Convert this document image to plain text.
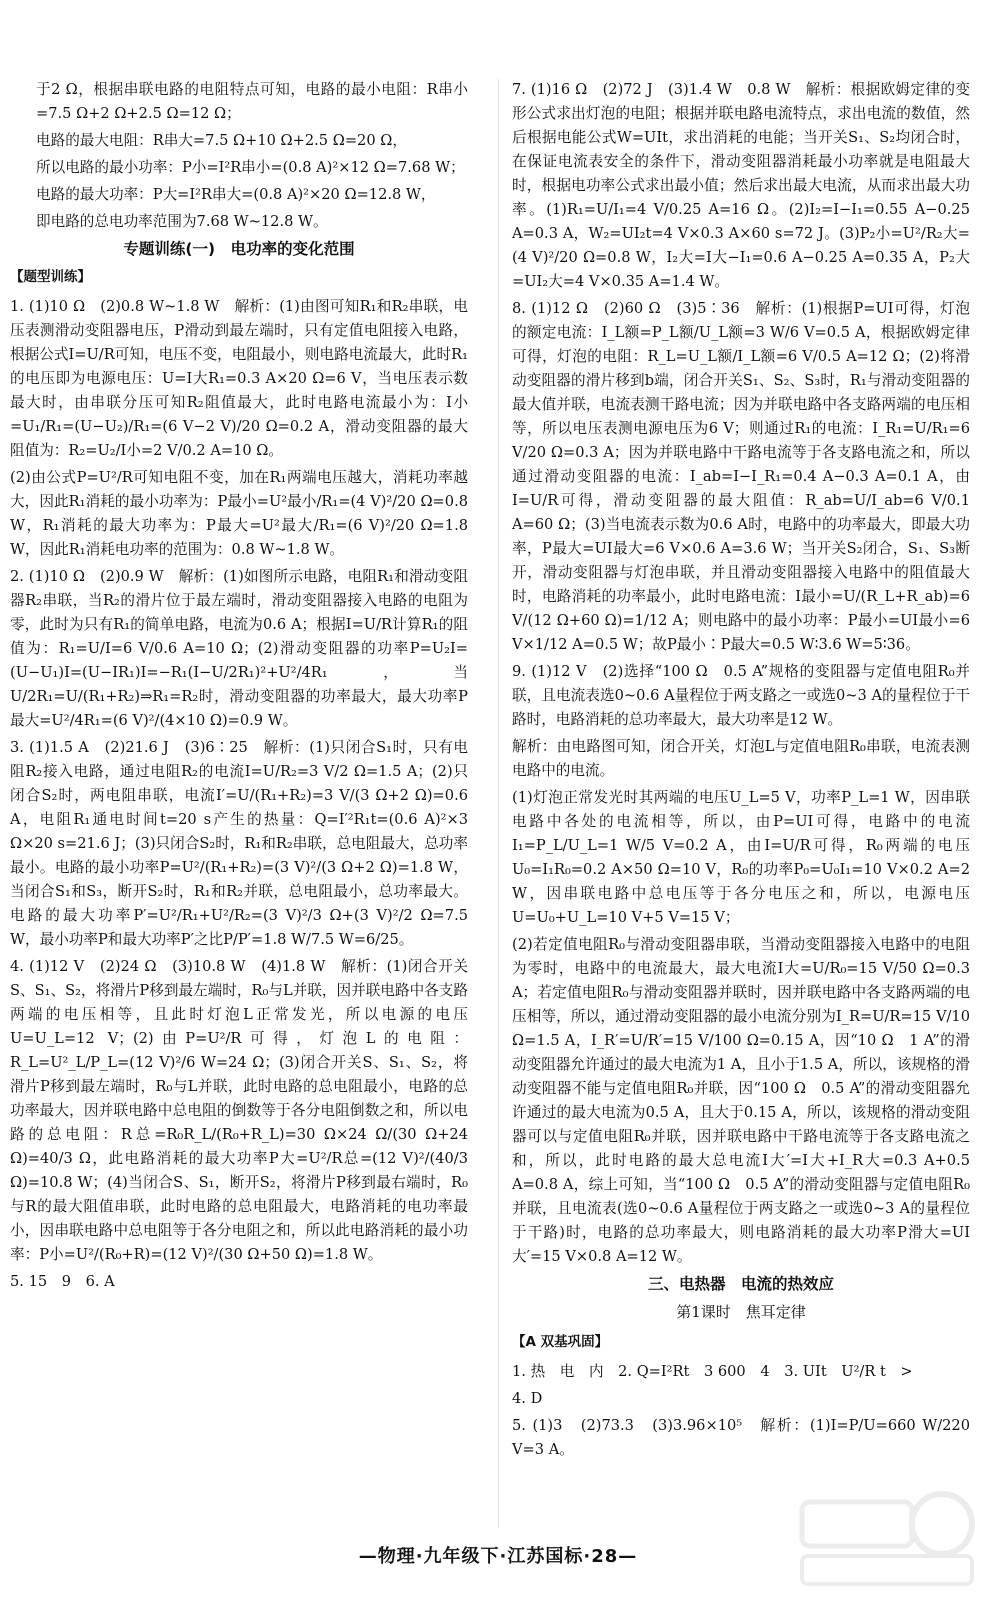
于2 Ω，根据串联电路的电阻特点可知，电路的最小电阻：R串小=7.5 Ω+2 Ω+2.5 Ω=12 Ω；

电路的最大电阻：R串大=7.5 Ω+10 Ω+2.5 Ω=20 Ω，

所以电路的最小功率：P小=I²R串小=(0.8 A)²×12 Ω=7.68 W；

电路的最大功率：P大=I²R串大=(0.8 A)²×20 Ω=12.8 W，

即电路的总电功率范围为7.68 W~12.8 W。

专题训练(一)　电功率的变化范围
【题型训练】

1. (1)10 Ω　(2)0.8 W~1.8 W　解析：(1)由图可知R₁和R₂串联，电压表测滑动变阻器电压，P滑动到最左端时，只有定值电阻接入电路，根据公式I=U/R可知，电压不变，电阻最小，则电路电流最大，此时R₁的电压即为电源电压：U=I大R₁=0.3 A×20 Ω=6 V，当电压表示数最大时，由串联分压可知R₂阻值最大，此时电路电流最小为：I小=U₁/R₁=(U−U₂)/R₁=(6 V−2 V)/20 Ω=0.2 A，滑动变阻器的最大阻值为：R₂=U₂/I小=2 V/0.2 A=10 Ω。

(2)由公式P=U²/R可知电阻不变，加在R₁两端电压越大，消耗功率越大，因此R₁消耗的最小功率为：P最小=U²最小/R₁=(4 V)²/20 Ω=0.8 W，R₁消耗的最大功率为：P最大=U²最大/R₁=(6 V)²/20 Ω=1.8 W，因此R₁消耗电功率的范围为：0.8 W~1.8 W。

2. (1)10 Ω　(2)0.9 W　解析：(1)如图所示电路，电阻R₁和滑动变阻器R₂串联，当R₂的滑片位于最左端时，滑动变阻器接入电路的电阻为零，此时为只有R₁的简单电路，电流为0.6 A；根据I=U/R计算R₁的阻值为：R₁=U/I=6 V/0.6 A=10 Ω；(2)滑动变阻器的功率P=U₂I=(U−U₁)I=(U−IR₁)I=−R₁(I−U/2R₁)²+U²/4R₁，当U/2R₁=U/(R₁+R₂)⇒R₁=R₂时，滑动变阻器的功率最大，最大功率P最大=U²/4R₁=(6 V)²/(4×10 Ω)=0.9 W。

3. (1)1.5 A　(2)21.6 J　(3)6∶25　解析：(1)只闭合S₁时，只有电阻R₂接入电路，通过电阻R₂的电流I=U/R₂=3 V/2 Ω=1.5 A；(2)只闭合S₂时，两电阻串联，电流I′=U/(R₁+R₂)=3 V/(3 Ω+2 Ω)=0.6 A，电阻R₁通电时间t=20 s产生的热量：Q=I′²R₁t=(0.6 A)²×3 Ω×20 s=21.6 J；(3)只闭合S₂时，R₁和R₂串联，总电阻最大，总功率最小。电路的最小功率P=U²/(R₁+R₂)=(3 V)²/(3 Ω+2 Ω)=1.8 W，当闭合S₁和S₃，断开S₂时，R₁和R₂并联，总电阻最小，总功率最大。电路的最大功率P′=U²/R₁+U²/R₂=(3 V)²/3 Ω+(3 V)²/2 Ω=7.5 W，最小功率P和最大功率P′之比P/P′=1.8 W/7.5 W=6/25。

4. (1)12 V　(2)24 Ω　(3)10.8 W　(4)1.8 W　解析：(1)闭合开关S、S₁、S₂，将滑片P移到最左端时，R₀与L并联，因并联电路中各支路两端的电压相等，且此时灯泡L正常发光，所以电源的电压U=U_L=12 V；(2)由P=U²/R可得，灯泡L的电阻：R_L=U²_L/P_L=(12 V)²/6 W=24 Ω；(3)闭合开关S、S₁、S₂，将滑片P移到最左端时，R₀与L并联，此时电路的总电阻最小，电路的总功率最大，因并联电路中总电阻的倒数等于各分电阻倒数之和，所以电路的总电阻：R总=R₀R_L/(R₀+R_L)=30 Ω×24 Ω/(30 Ω+24 Ω)=40/3 Ω，此电路消耗的最大功率P大=U²/R总=(12 V)²/(40/3 Ω)=10.8 W；(4)当闭合S、S₁，断开S₂，将滑片P移到最右端时，R₀与R的最大阻值串联，此时电路的总电阻最大，电路消耗的电功率最小，因串联电路中总电阻等于各分电阻之和，所以此电路消耗的最小功率：P小=U²/(R₀+R)=(12 V)²/(30 Ω+50 Ω)=1.8 W。

5. 15　9　6. A

7. (1)16 Ω　(2)72 J　(3)1.4 W　0.8 W　解析：根据欧姆定律的变形公式求出灯泡的电阻；根据并联电路电流特点，求出电流的数值，然后根据电能公式W=UIt，求出消耗的电能；当开关S₁、S₂均闭合时，在保证电流表安全的条件下，滑动变阻器消耗最小功率就是电阻最大时，根据电功率公式求出最小值；然后求出最大电流，从而求出最大功率。(1)R₁=U/I₁=4 V/0.25 A=16 Ω。(2)I₂=I−I₁=0.55 A−0.25 A=0.3 A，W₂=UI₂t=4 V×0.3 A×60 s=72 J。(3)P₂小=U²/R₂大=(4 V)²/20 Ω=0.8 W，I₂大=I大−I₁=0.6 A−0.25 A=0.35 A，P₂大=UI₂大=4 V×0.35 A=1.4 W。

8. (1)12 Ω　(2)60 Ω　(3)5∶36　解析：(1)根据P=UI可得，灯泡的额定电流：I_L额=P_L额/U_L额=3 W/6 V=0.5 A，根据欧姆定律可得，灯泡的电阻：R_L=U_L额/I_L额=6 V/0.5 A=12 Ω；(2)将滑动变阻器的滑片移到b端，闭合开关S₁、S₂、S₃时，R₁与滑动变阻器的最大值并联，电流表测干路电流；因为并联电路中各支路两端的电压相等，所以电压表测电源电压为6 V；则通过R₁的电流：I_R₁=U/R₁=6 V/20 Ω=0.3 A；因为并联电路中干路电流等于各支路电流之和，所以通过滑动变阻器的电流：I_ab=I−I_R₁=0.4 A−0.3 A=0.1 A，由I=U/R可得，滑动变阻器的最大阻值：R_ab=U/I_ab=6 V/0.1 A=60 Ω；(3)当电流表示数为0.6 A时，电路中的功率最大，即最大功率，P最大=UI最大=6 V×0.6 A=3.6 W；当开关S₂闭合，S₁、S₃断开，滑动变阻器与灯泡串联，并且滑动变阻器接入电路中的阻值最大时，电路消耗的功率最小，此时电路电流：I最小=U/(R_L+R_ab)=6 V/(12 Ω+60 Ω)=1/12 A；则电路中的最小功率：P最小=UI最小=6 V×1/12 A=0.5 W；故P最小∶P最大=0.5 W∶3.6 W=5∶36。

9. (1)12 V　(2)选择“100 Ω　0.5 A”规格的变阻器与定值电阻R₀并联，且电流表选0~0.6 A量程位于两支路之一或选0~3 A的量程位于干路时，电路消耗的总功率最大，最大功率是12 W。

解析：由电路图可知，闭合开关，灯泡L与定值电阻R₀串联，电流表测电路中的电流。

(1)灯泡正常发光时其两端的电压U_L=5 V，功率P_L=1 W，因串联电路中各处的电流相等，所以，由P=UI可得，电路中的电流I₁=P_L/U_L=1 W/5 V=0.2 A，由I=U/R可得，R₀两端的电压U₀=I₁R₀=0.2 A×50 Ω=10 V，R₀的功率P₀=U₀I₁=10 V×0.2 A=2 W，因串联电路中总电压等于各分电压之和，所以，电源电压U=U₀+U_L=10 V+5 V=15 V；

(2)若定值电阻R₀与滑动变阻器串联，当滑动变阻器接入电路中的电阻为零时，电路中的电流最大，最大电流I大=U/R₀=15 V/50 Ω=0.3 A；若定值电阻R₀与滑动变阻器并联时，因并联电路中各支路两端的电压相等，所以，通过滑动变阻器的最小电流分别为I_R=U/R=15 V/10 Ω=1.5 A，I_R′=U/R′=15 V/100 Ω=0.15 A，因“10 Ω　1 A”的滑动变阻器允许通过的最大电流为1 A，且小于1.5 A，所以，该规格的滑动变阻器不能与定值电阻R₀并联，因“100 Ω　0.5 A”的滑动变阻器允许通过的最大电流为0.5 A，且大于0.15 A，所以，该规格的滑动变阻器可以与定值电阻R₀并联，因并联电路中干路电流等于各支路电流之和，所以，此时电路的最大总电流I大′=I大+I_R大=0.3 A+0.5 A=0.8 A，综上可知，当“100 Ω　0.5 A”的滑动变阻器与定值电阻R₀并联，且电流表(选0~0.6 A量程位于两支路之一或选0~3 A的量程位于干路)时，电路的总功率最大，则电路消耗的最大功率P滑大=UI大′=15 V×0.8 A=12 W。

三、电热器　电流的热效应
第1课时　焦耳定律
【A 双基巩固】

1. 热　电　内　2. Q=I²Rt　3 600　4　3. UIt　U²/R t　>

4. D

5. (1)3　(2)73.3　(3)3.96×10⁵　解析：(1)I=P/U=660 W/220 V=3 A。

—物理·九年级下·江苏国标·28—
